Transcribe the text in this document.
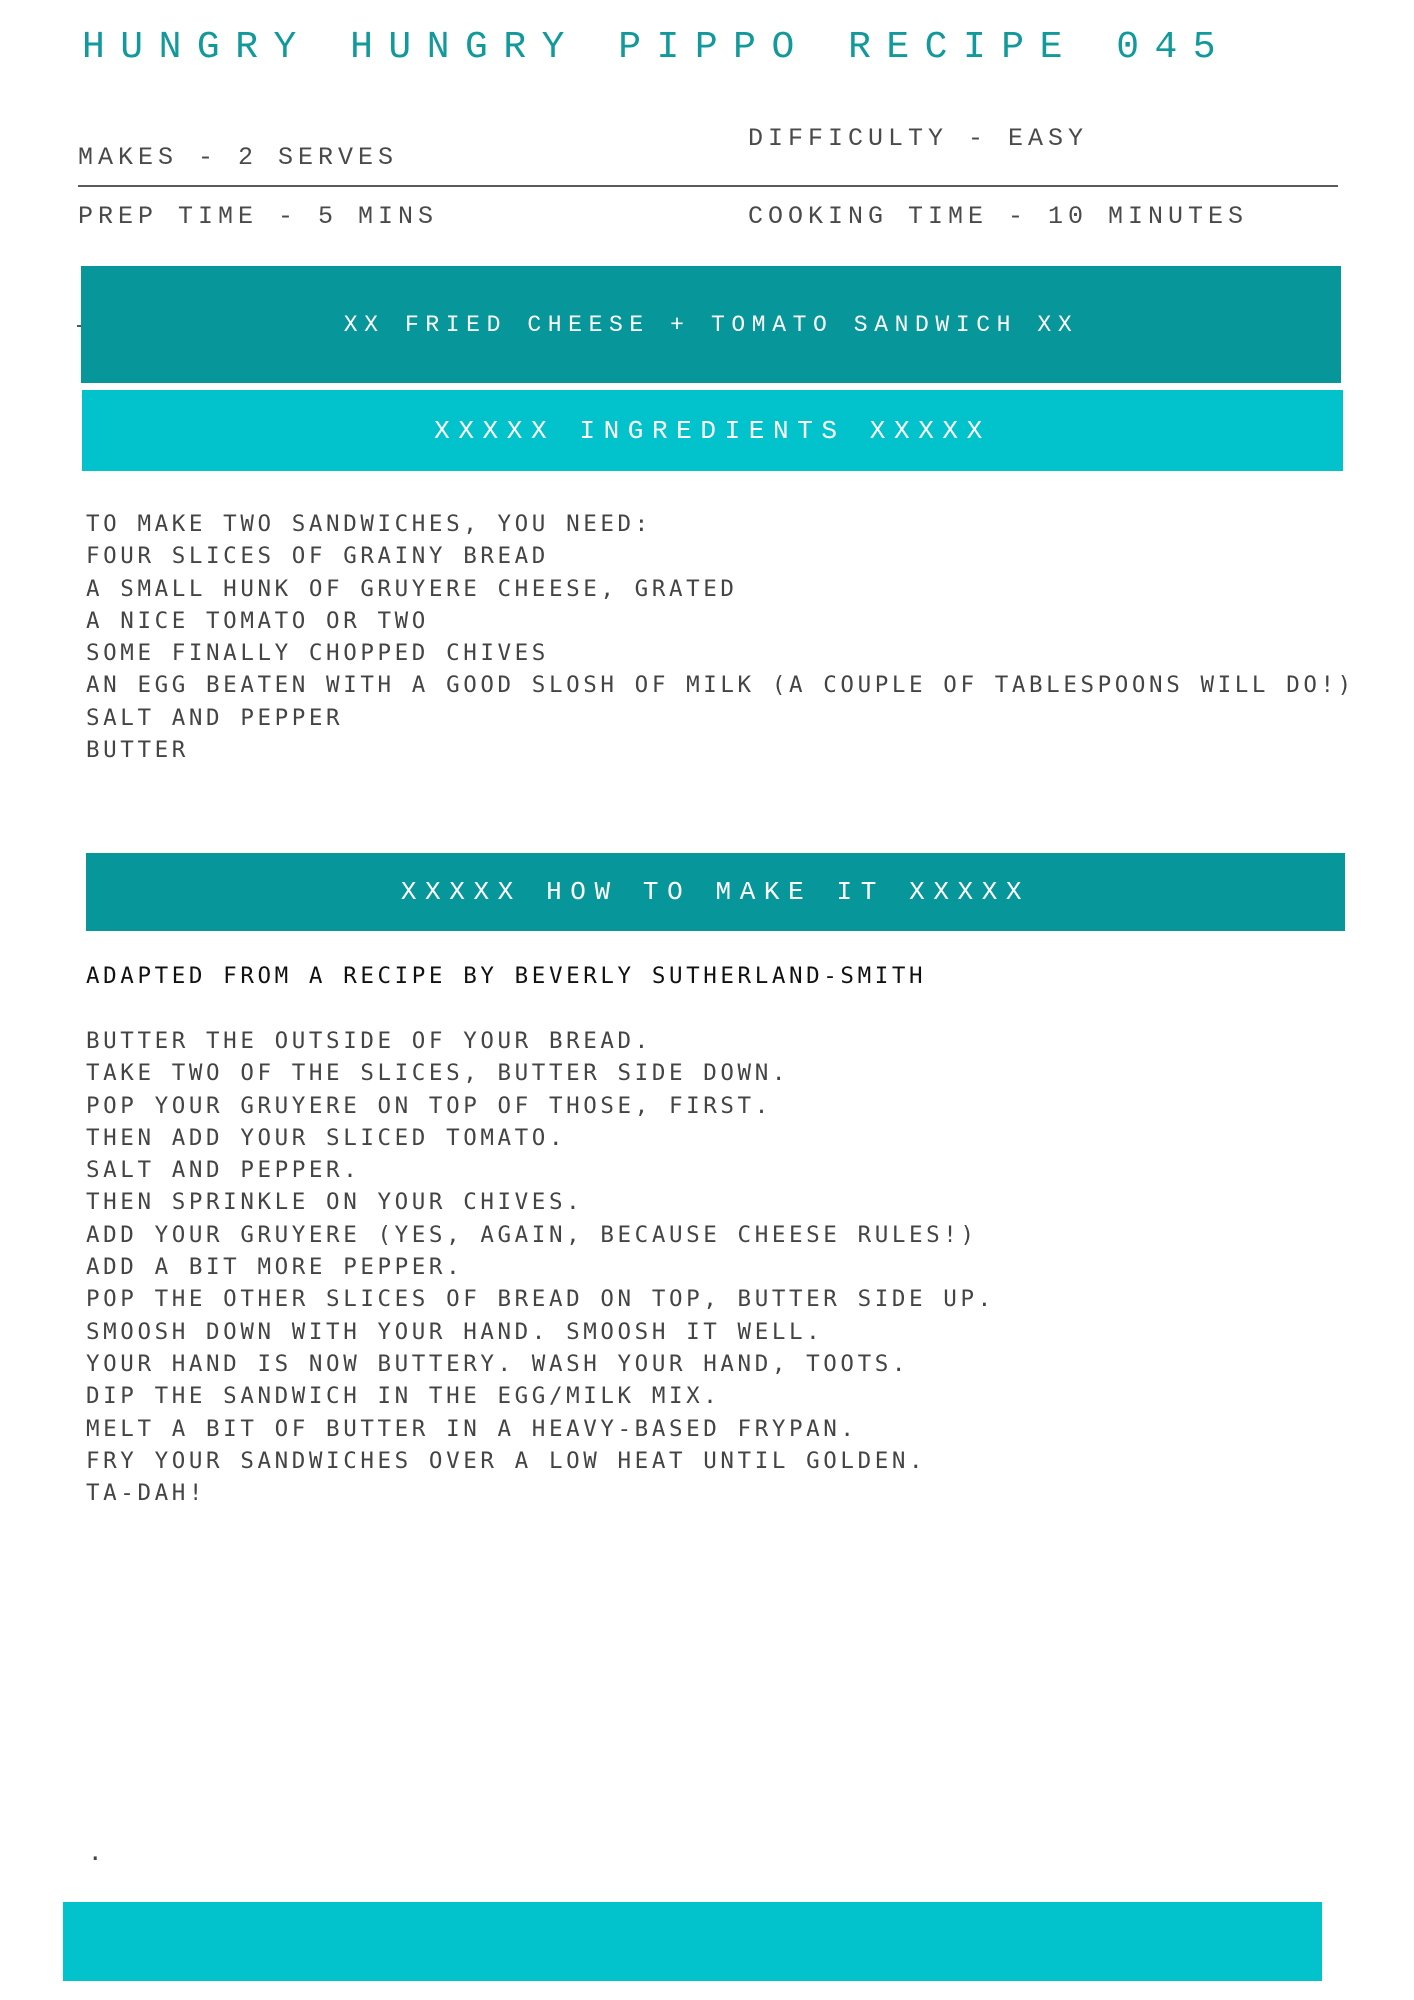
HUNGRY HUNGRY PIPPO RECIPE 045
MAKES - 2 SERVES
DIFFICULTY - EASY
PREP TIME - 5 MINS	COOKING TIME - 10 MINUTES
XX FRIED CHEESE + TOMATO SANDWICH XX
XXXXX INGREDIENTS XXXXX
TO MAKE TWO SANDWICHES, YOU NEED:
FOUR SLICES OF GRAINY BREAD
A SMALL HUNK OF GRUYERE CHEESE, GRATED
A NICE TOMATO OR TWO
SOME FINALLY CHOPPED CHIVES
AN EGG BEATEN WITH A GOOD SLOSH OF MILK (A COUPLE OF TABLESPOONS WILL DO!)
SALT AND PEPPER
BUTTER
XXXXX HOW TO MAKE IT XXXXX
ADAPTED FROM A RECIPE BY BEVERLY SUTHERLAND-SMITH
BUTTER THE OUTSIDE OF YOUR BREAD.
TAKE TWO OF THE SLICES, BUTTER SIDE DOWN.
POP YOUR GRUYERE ON TOP OF THOSE, FIRST.
THEN ADD YOUR SLICED TOMATO.
SALT AND PEPPER.
THEN SPRINKLE ON YOUR CHIVES.
ADD YOUR GRUYERE (YES, AGAIN, BECAUSE CHEESE RULES!)
ADD A BIT MORE PEPPER.
POP THE OTHER SLICES OF BREAD ON TOP, BUTTER SIDE UP.
SMOOSH DOWN WITH YOUR HAND. SMOOSH IT WELL.
YOUR HAND IS NOW BUTTERY. WASH YOUR HAND, TOOTS.
DIP THE SANDWICH IN THE EGG/MILK MIX.
MELT A BIT OF BUTTER IN A HEAVY-BASED FRYPAN.
FRY YOUR SANDWICHES OVER A LOW HEAT UNTIL GOLDEN.
TA-DAH!
.
